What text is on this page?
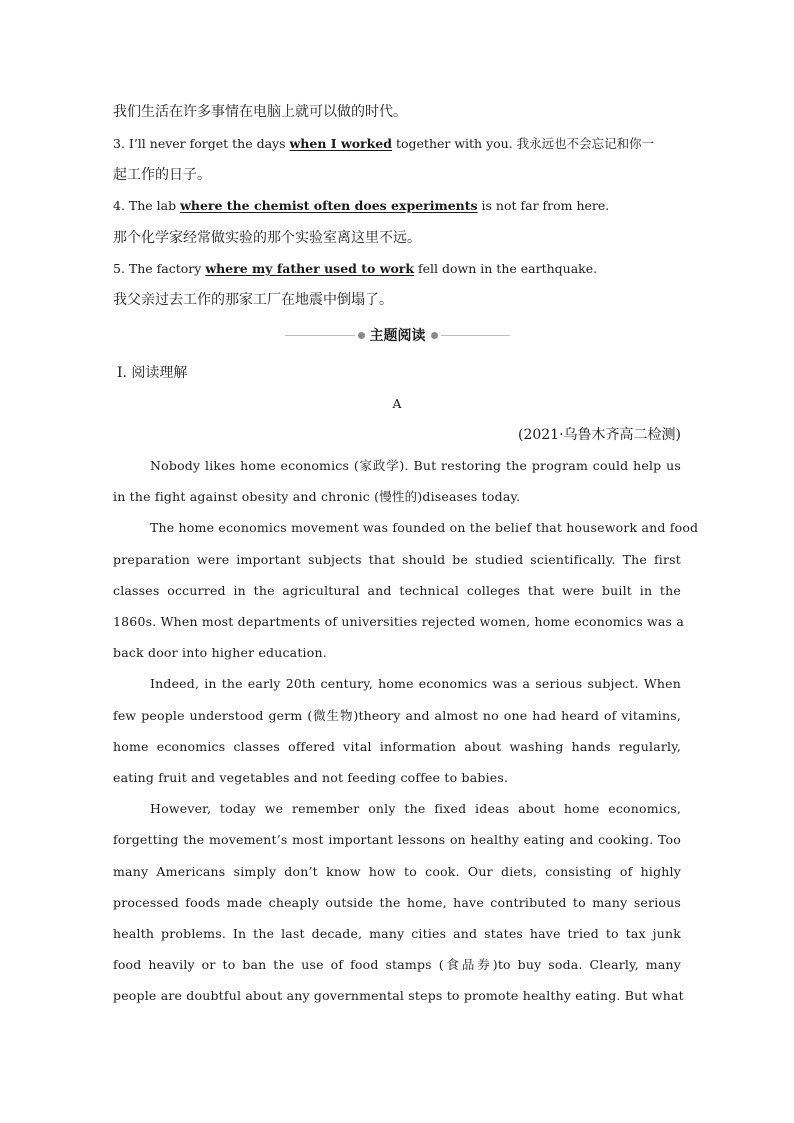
我们生活在许多事情在电脑上就可以做的时代。
3. I’ll never forget the days when I worked together with you. 我永远也不会忘记和你一
起工作的日子。
4. The lab where the chemist often does experiments is not far from here.
那个化学家经常做实验的那个实验室离这里不远。
5. The factory where my father used to work fell down in the earthquake.
我父亲过去工作的那家工厂在地震中倒塌了。
主题阅读
Ⅰ. 阅读理解
A
(2021·乌鲁木齐高二检测)
Nobody likes home economics (家政学). But restoring the program could help us
in the fight against obesity and chronic (慢性的)diseases today.
The home economics movement was founded on the belief that housework and food
preparation were important subjects that should be studied scientifically. The first
classes occurred in the agricultural and technical colleges that were built in the
1860s. When most departments of universities rejected women, home economics was a
back door into higher education.
Indeed, in the early 20th century, home economics was a serious subject. When
few people understood germ (微生物)theory and almost no one had heard of vitamins,
home economics classes offered vital information about washing hands regularly,
eating fruit and vegetables and not feeding coffee to babies.
However, today we remember only the fixed ideas about home economics,
forgetting the movement’s most important lessons on healthy eating and cooking. Too
many Americans simply don’t know how to cook. Our diets, consisting of highly
processed foods made cheaply outside the home, have contributed to many serious
health problems. In the last decade, many cities and states have tried to tax junk
food heavily or to ban the use of food stamps (食品券)to buy soda. Clearly, many
people are doubtful about any governmental steps to promote healthy eating. But what
